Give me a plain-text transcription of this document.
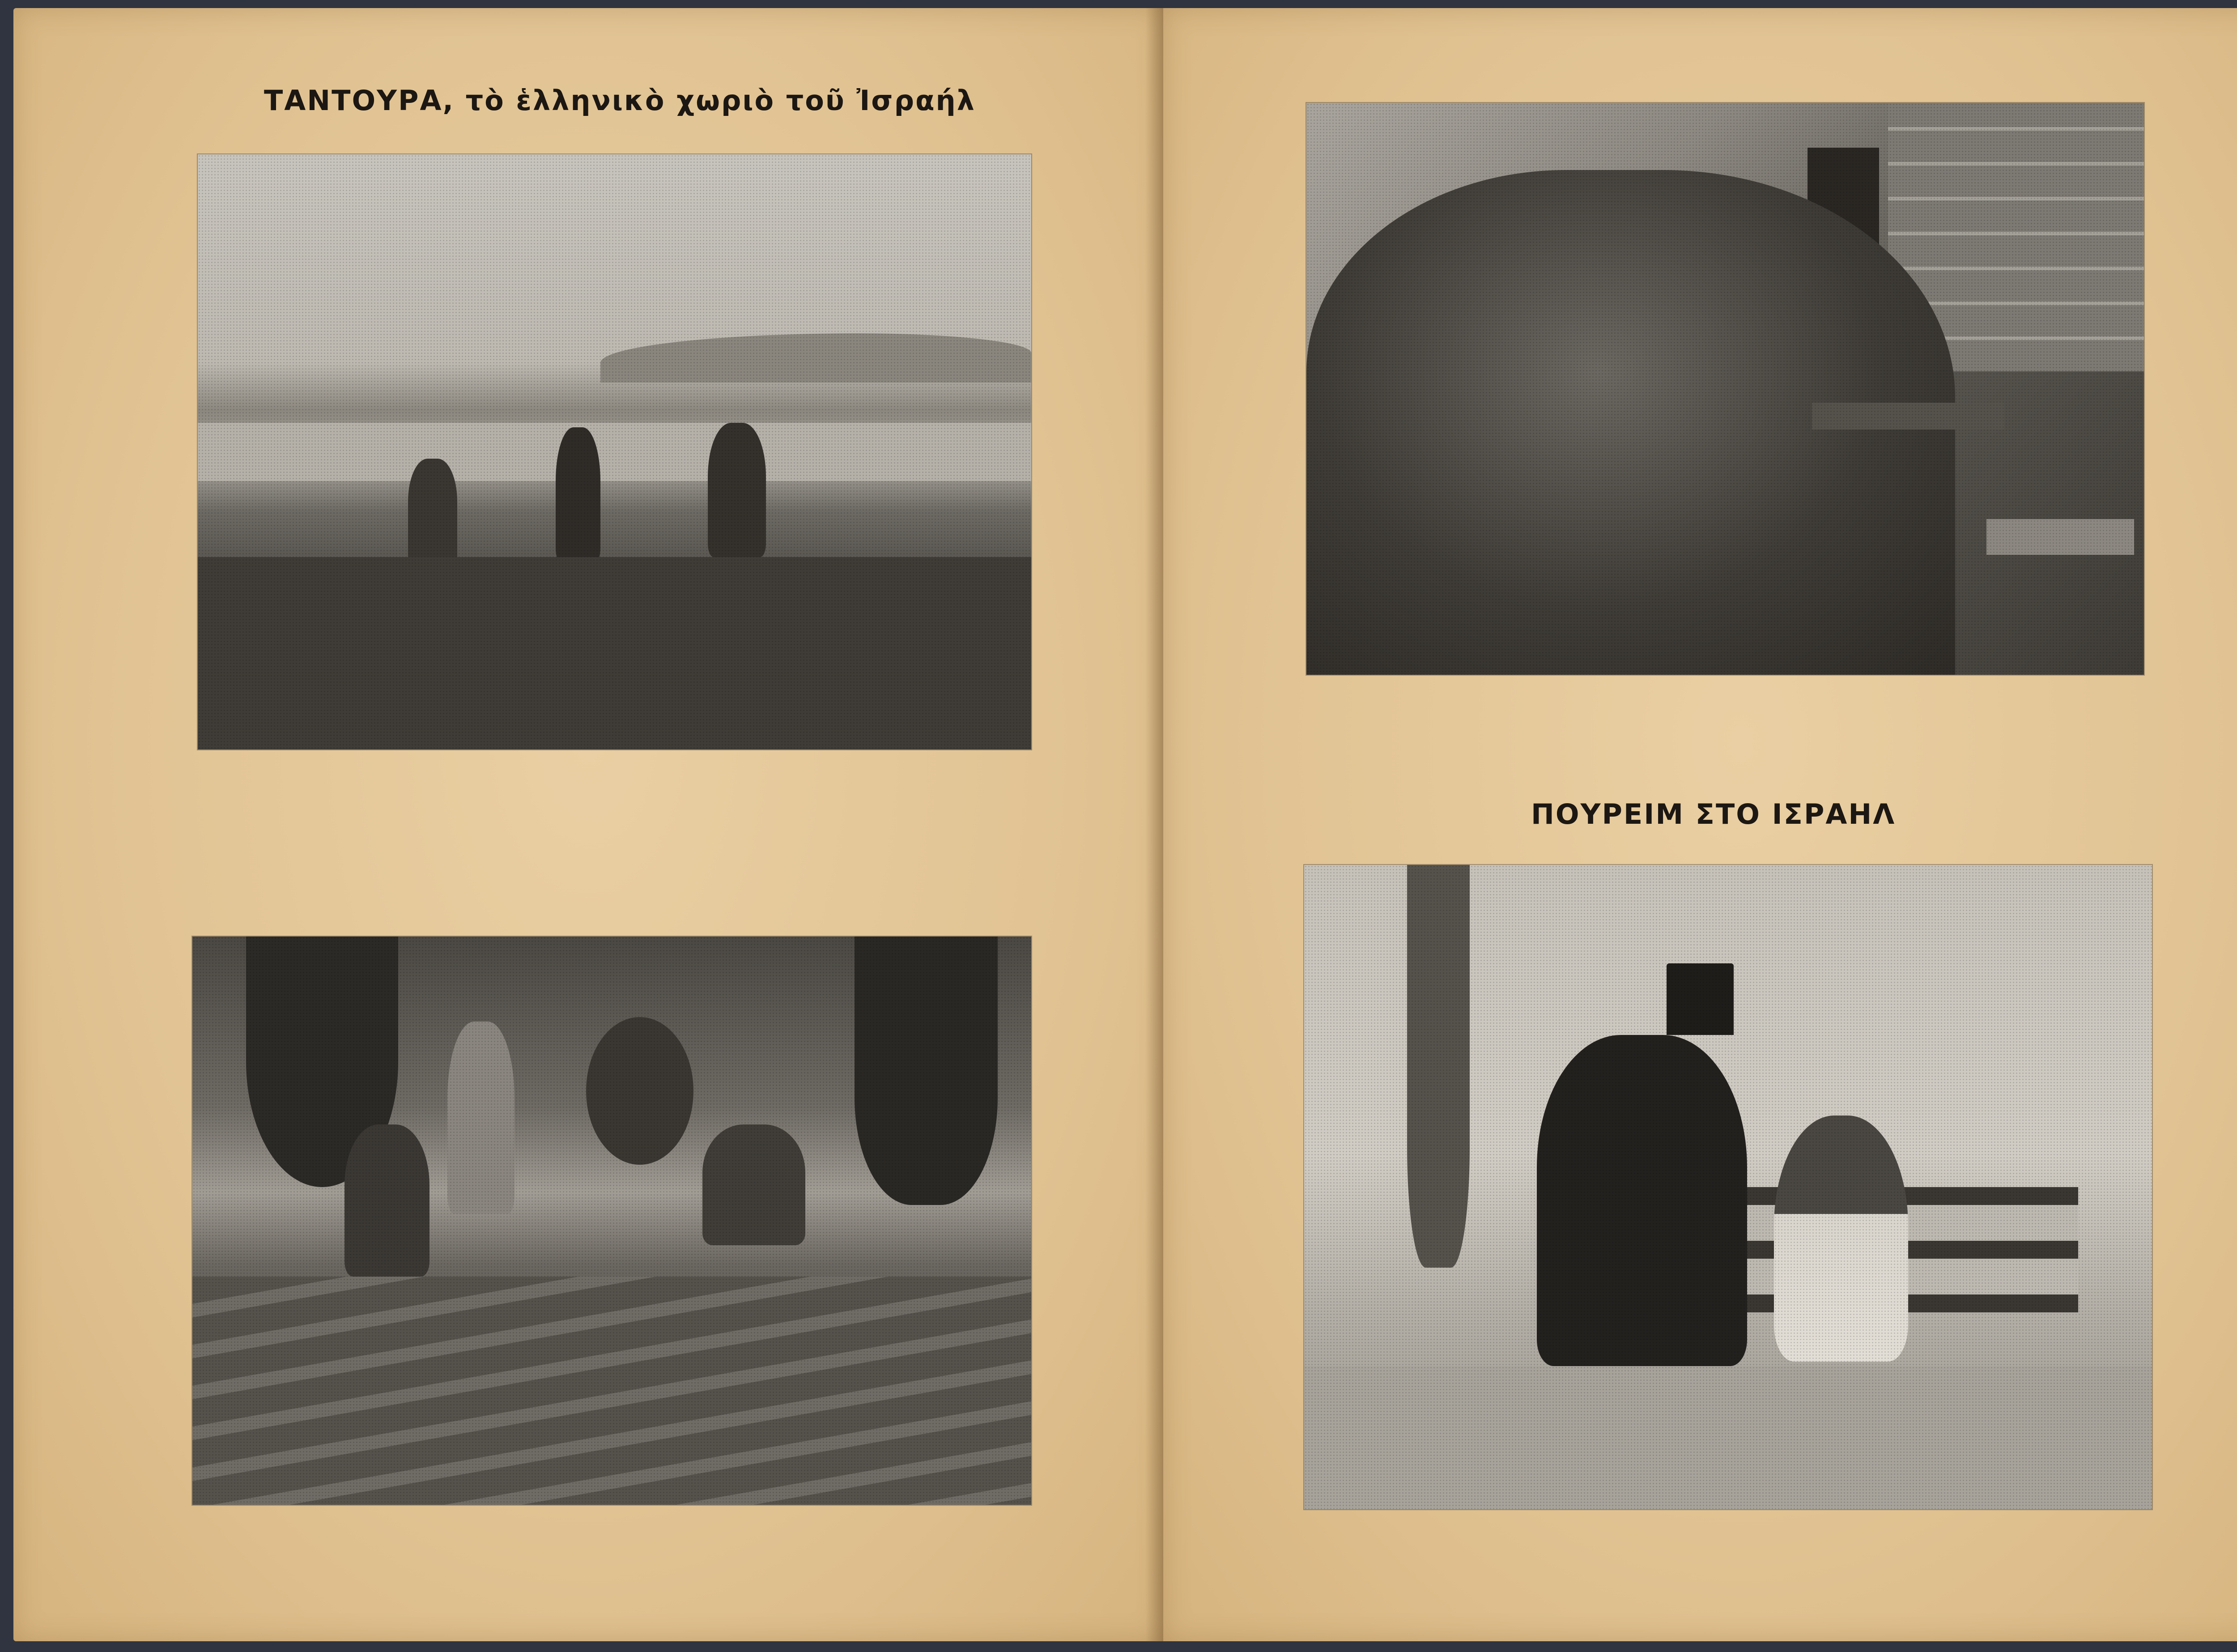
ΤΑΝΤΟΥΡΑ, τὸ ἑλληνικὸ χωριὸ τοῦ Ἰσραήλ

ΠΟΥΡΕΙΜ ΣΤΟ ΙΣΡΑΗΛ
